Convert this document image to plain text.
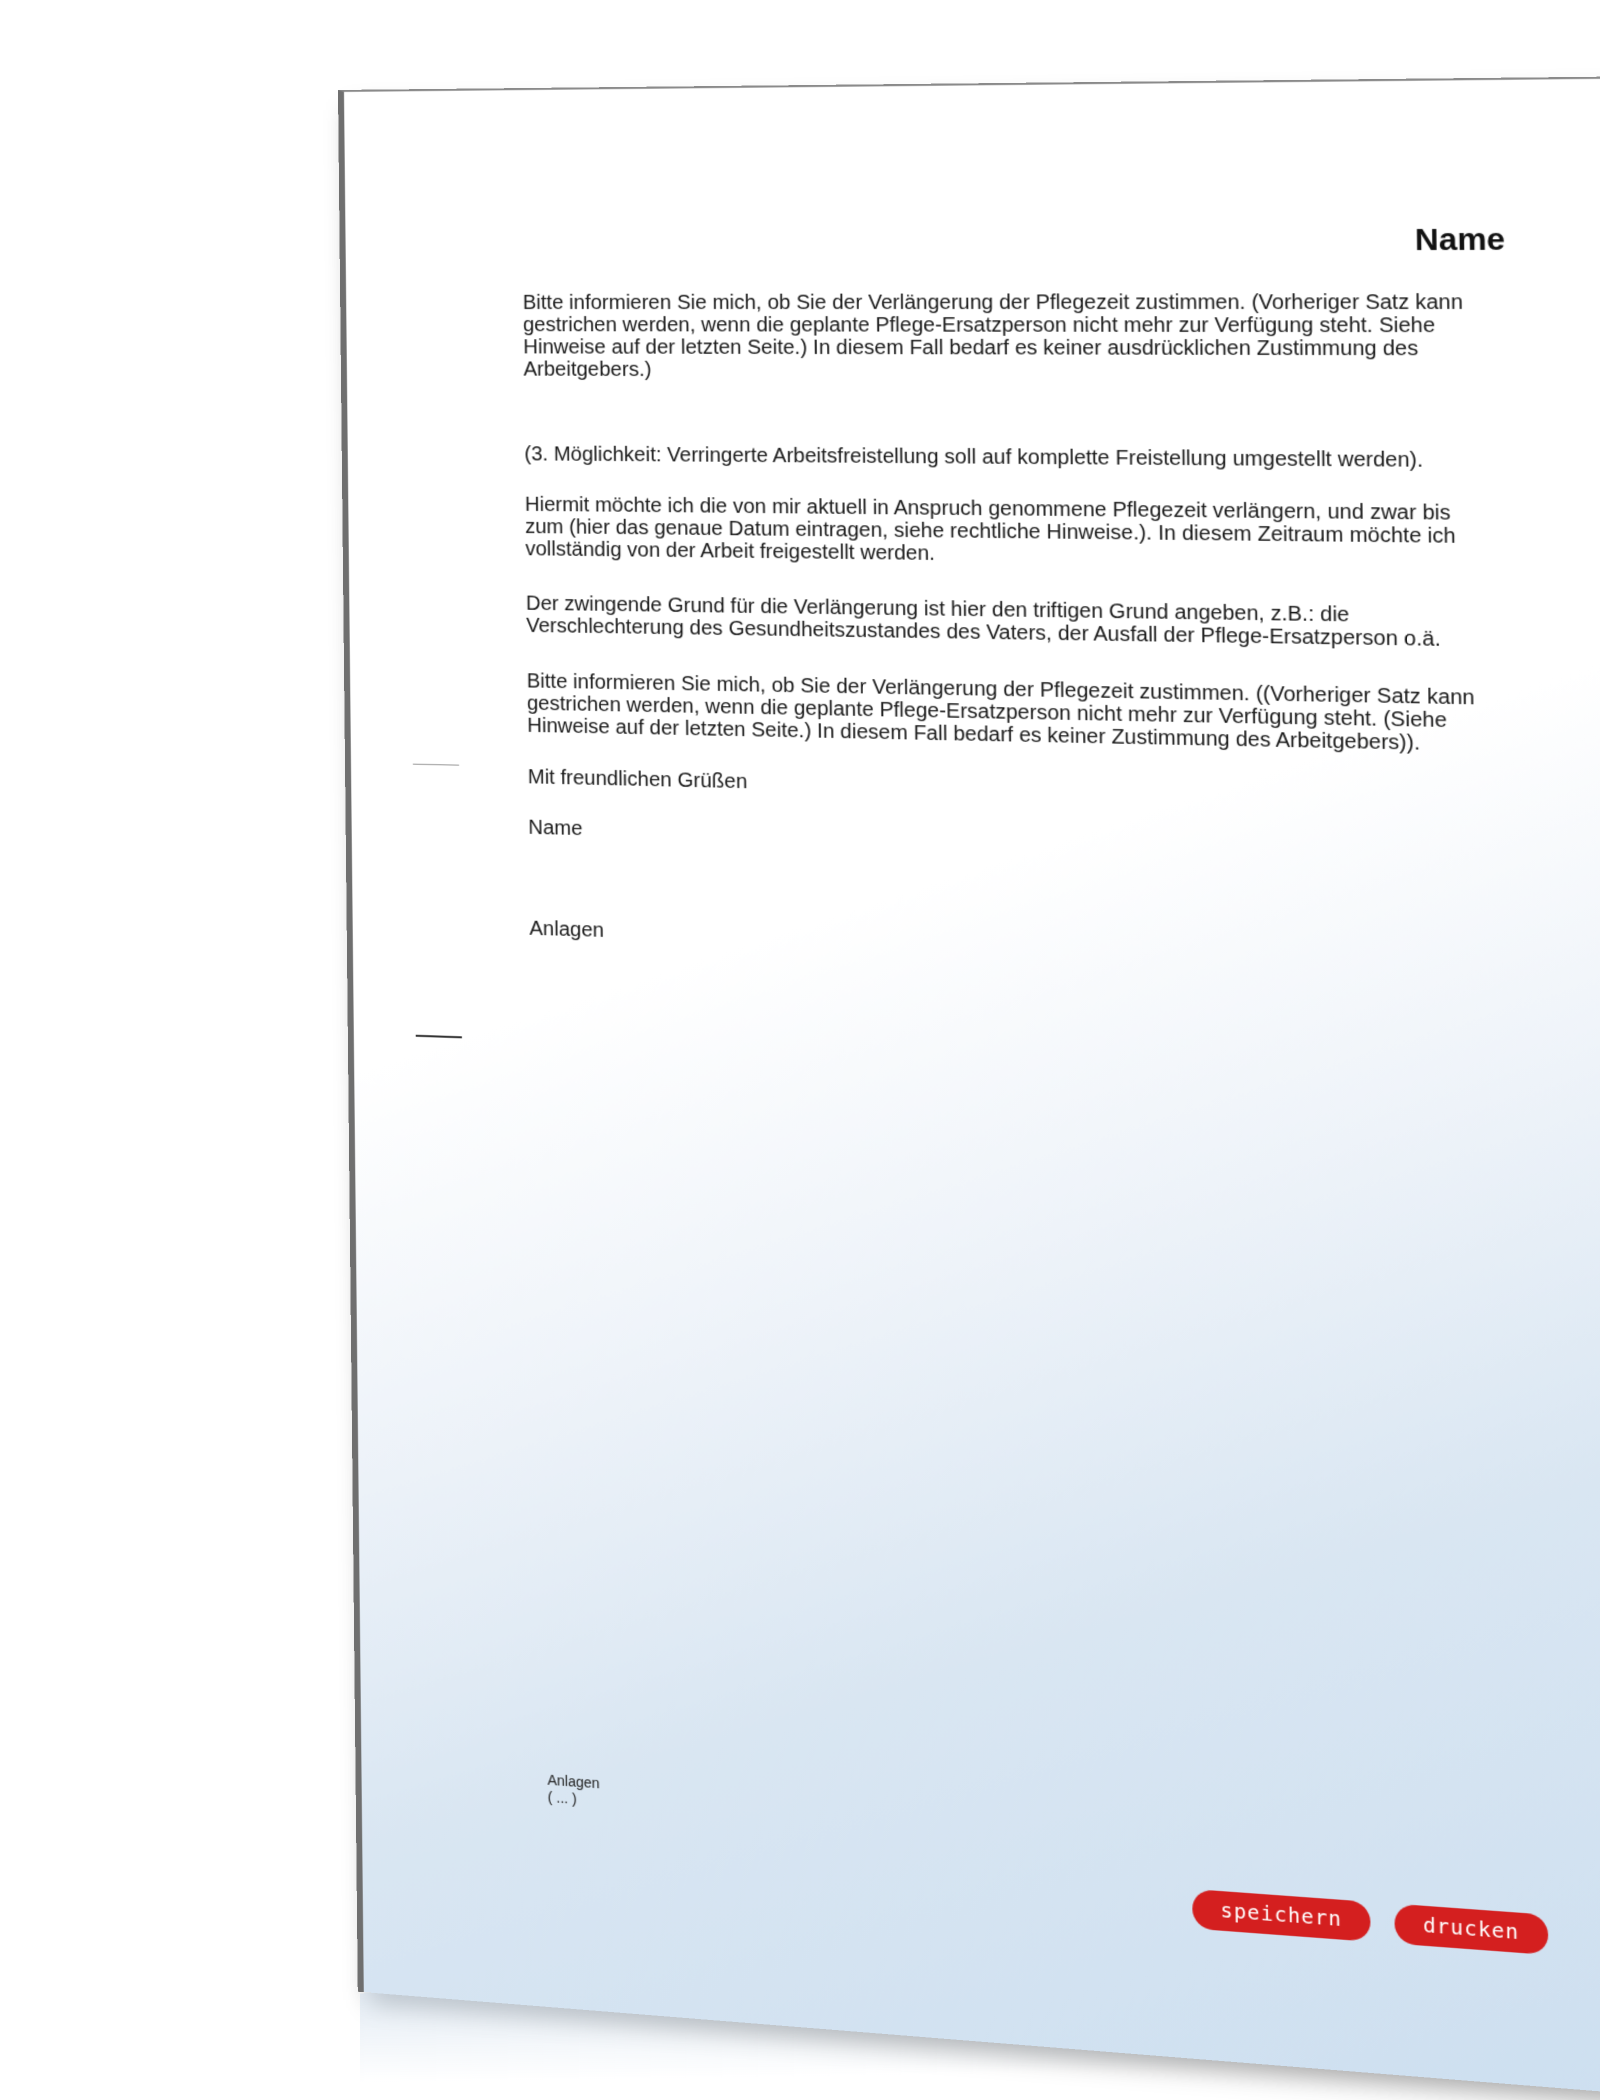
Name
Bitte informieren Sie mich, ob Sie der Verlängerung der Pflegezeit zustimmen. (Vorheriger Satz kann gestrichen werden, wenn die geplante Pflege-Ersatzperson nicht mehr zur Verfügung steht. Siehe Hinweise auf der letzten Seite.) In diesem Fall bedarf es keiner ausdrücklichen Zustimmung des Arbeitgebers.)
(3. Möglichkeit: Verringerte Arbeitsfreistellung soll auf komplette Freistellung umgestellt werden).
Hiermit möchte ich die von mir aktuell in Anspruch genommene Pflegezeit verlängern, und zwar bis zum (hier das genaue Datum eintragen, siehe rechtliche Hinweise.). In diesem Zeitraum möchte ich vollständig von der Arbeit freigestellt werden.
Der zwingende Grund für die Verlängerung ist hier den triftigen Grund angeben, z.B.: die Verschlechterung des Gesundheitszustandes des Vaters, der Ausfall der Pflege-Ersatzperson o.ä.
Bitte informieren Sie mich, ob Sie der Verlängerung der Pflegezeit zustimmen. ((Vorheriger Satz kann gestrichen werden, wenn die geplante Pflege-Ersatzperson nicht mehr zur Verfügung steht. (Siehe Hinweise auf der letzten Seite.) In diesem Fall bedarf es keiner Zustimmung des Arbeitgebers)).
Mit freundlichen Grüßen
Name
Anlagen
Anlagen
( ... )
speichern	drucken
